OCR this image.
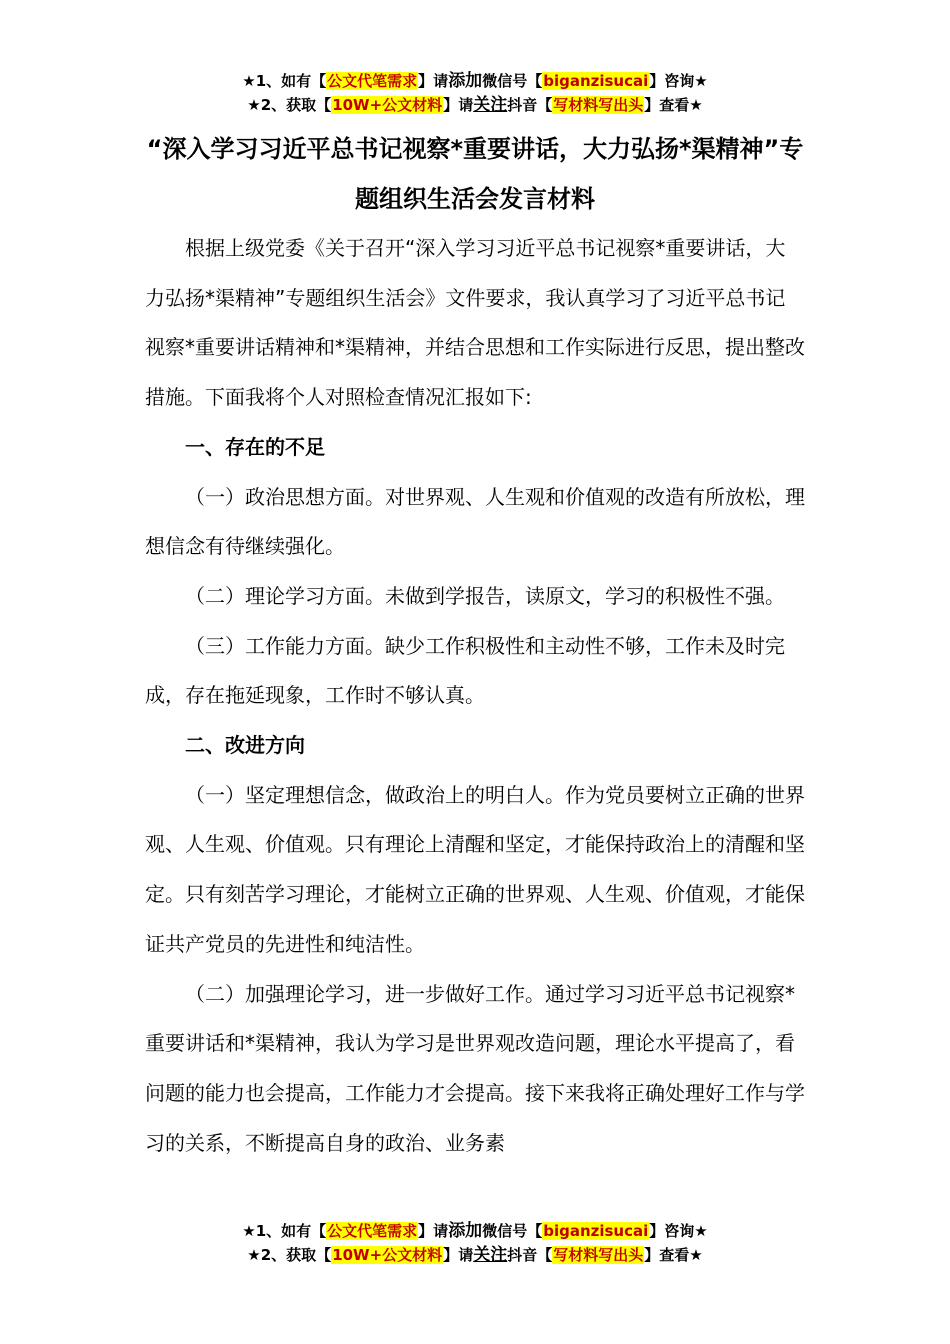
★1、如有【公文代笔需求】请添加微信号【biganzisucai】咨询★
★2、获取【10W+公文材料】请关注抖音【写材料写出头】查看★
“深入学习习近平总书记视察*重要讲话，大力弘扬*渠精神”专题组织生活会发言材料

根据上级党委《关于召开“深入学习习近平总书记视察*重要讲话，大力弘扬*渠精神”专题组织生活会》文件要求，我认真学习了习近平总书记视察*重要讲话精神和*渠精神，并结合思想和工作实际进行反思，提出整改措施。下面我将个人对照检查情况汇报如下:

一、存在的不足

（一）政治思想方面。对世界观、人生观和价值观的改造有所放松，理想信念有待继续强化。

（二）理论学习方面。未做到学报告，读原文，学习的积极性不强。

（三）工作能力方面。缺少工作积极性和主动性不够，工作未及时完成，存在拖延现象，工作时不够认真。

二、改进方向

（一）坚定理想信念，做政治上的明白人。作为党员要树立正确的世界观、人生观、价值观。只有理论上清醒和坚定，才能保持政治上的清醒和坚定。只有刻苦学习理论，才能树立正确的世界观、人生观、价值观，才能保证共产党员的先进性和纯洁性。

（二）加强理论学习，进一步做好工作。通过学习习近平总书记视察*重要讲话和*渠精神，我认为学习是世界观改造问题，理论水平提高了，看问题的能力也会提高，工作能力才会提高。接下来我将正确处理好工作与学习的关系，不断提高自身的政治、业务素

★1、如有【公文代笔需求】请添加微信号【biganzisucai】咨询★
★2、获取【10W+公文材料】请关注抖音【写材料写出头】查看★
